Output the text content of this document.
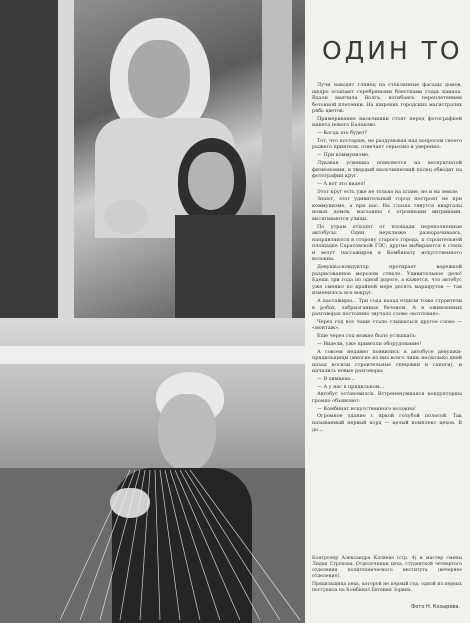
ОДИН ТО

Лучи наводят глянец на стеклянные фасады домов, щедро осыпают серебряными блестками гладь канала. Вдали маячила Волга, изгибаясь переплетением бетонной плетенки. На широких городских магистралях рябь цветов.

Примеривание мальчишки стоят перед фотографией макета нового Балаково.

— Когда это будет?

Тот, что постарше, не раздумывая над вопросом своего рыжего приятеля, отвечает серьезно и уверенно:

— При коммунизме.

Лукавая усмешка появляется на веснушчатой физиономии, и твердый мальчишеский палец обводит на фотографии круг.

— А вот это видел!

Этот круг есть уже не только на плане, но и на земле.

Знают, этот удивительный город построят не при коммунизме, а при нас. На глазах тянутся кварталы новых домов, магазины с огромными витринами, вытягиваются улицы.

По утрам отходят от площади переполненные автобусы. Одни, неуклюже разворачиваясь, направляются в сторону старого города, к строительной площадке Саратовской ГЭС; другие выбираются в степь и везут пассажиров к Комбинату искусственного волокна.

Девушка-кондуктор протирает варежкой разрисованное морозом стекло. Удивительное дело! Едешь три года по одной дороге, а кажется, что автобус уже сменил по крайней мере десять маршрутов — так изменилось все вокруг.

А пассажиры... Три года назад ездили тоже строители в робах, забрызганных бетоном. А в оживленных разговорах постоянно звучало слово «котлован».

Через год все чаще стало слышаться другое слово — «монтаж».

Еще через год можно было услышать:

— Видели, уже привезли оборудование!

А совсем недавно появились в автобусе девушки-прядильщицы (многие из них всего лишь несколько дней назад носили строительные спецовки и сапоги), и начались новые разговоры:

— В химцехе...

— А у нас в прядильном...

Автобус остановился. Встрепенувшаяся кондукторша громко объявляет:

— Комбинат искусственного волокна!

Огромное здание с яркой голубой полосой. Так называемый первый корд — целый комплекс цехов. В до...

Контролер Александра Каляева (стр. 4) и мастер смены Лидия Строкова. Отделочники цеха, студенткой четвертого отделения политехнического института (вечернее отделение).

Прядильщица цеха, которой не первый год, одной из первых поступила на Комбинат Евгения Зорина.

Фото Н. Козырева.
